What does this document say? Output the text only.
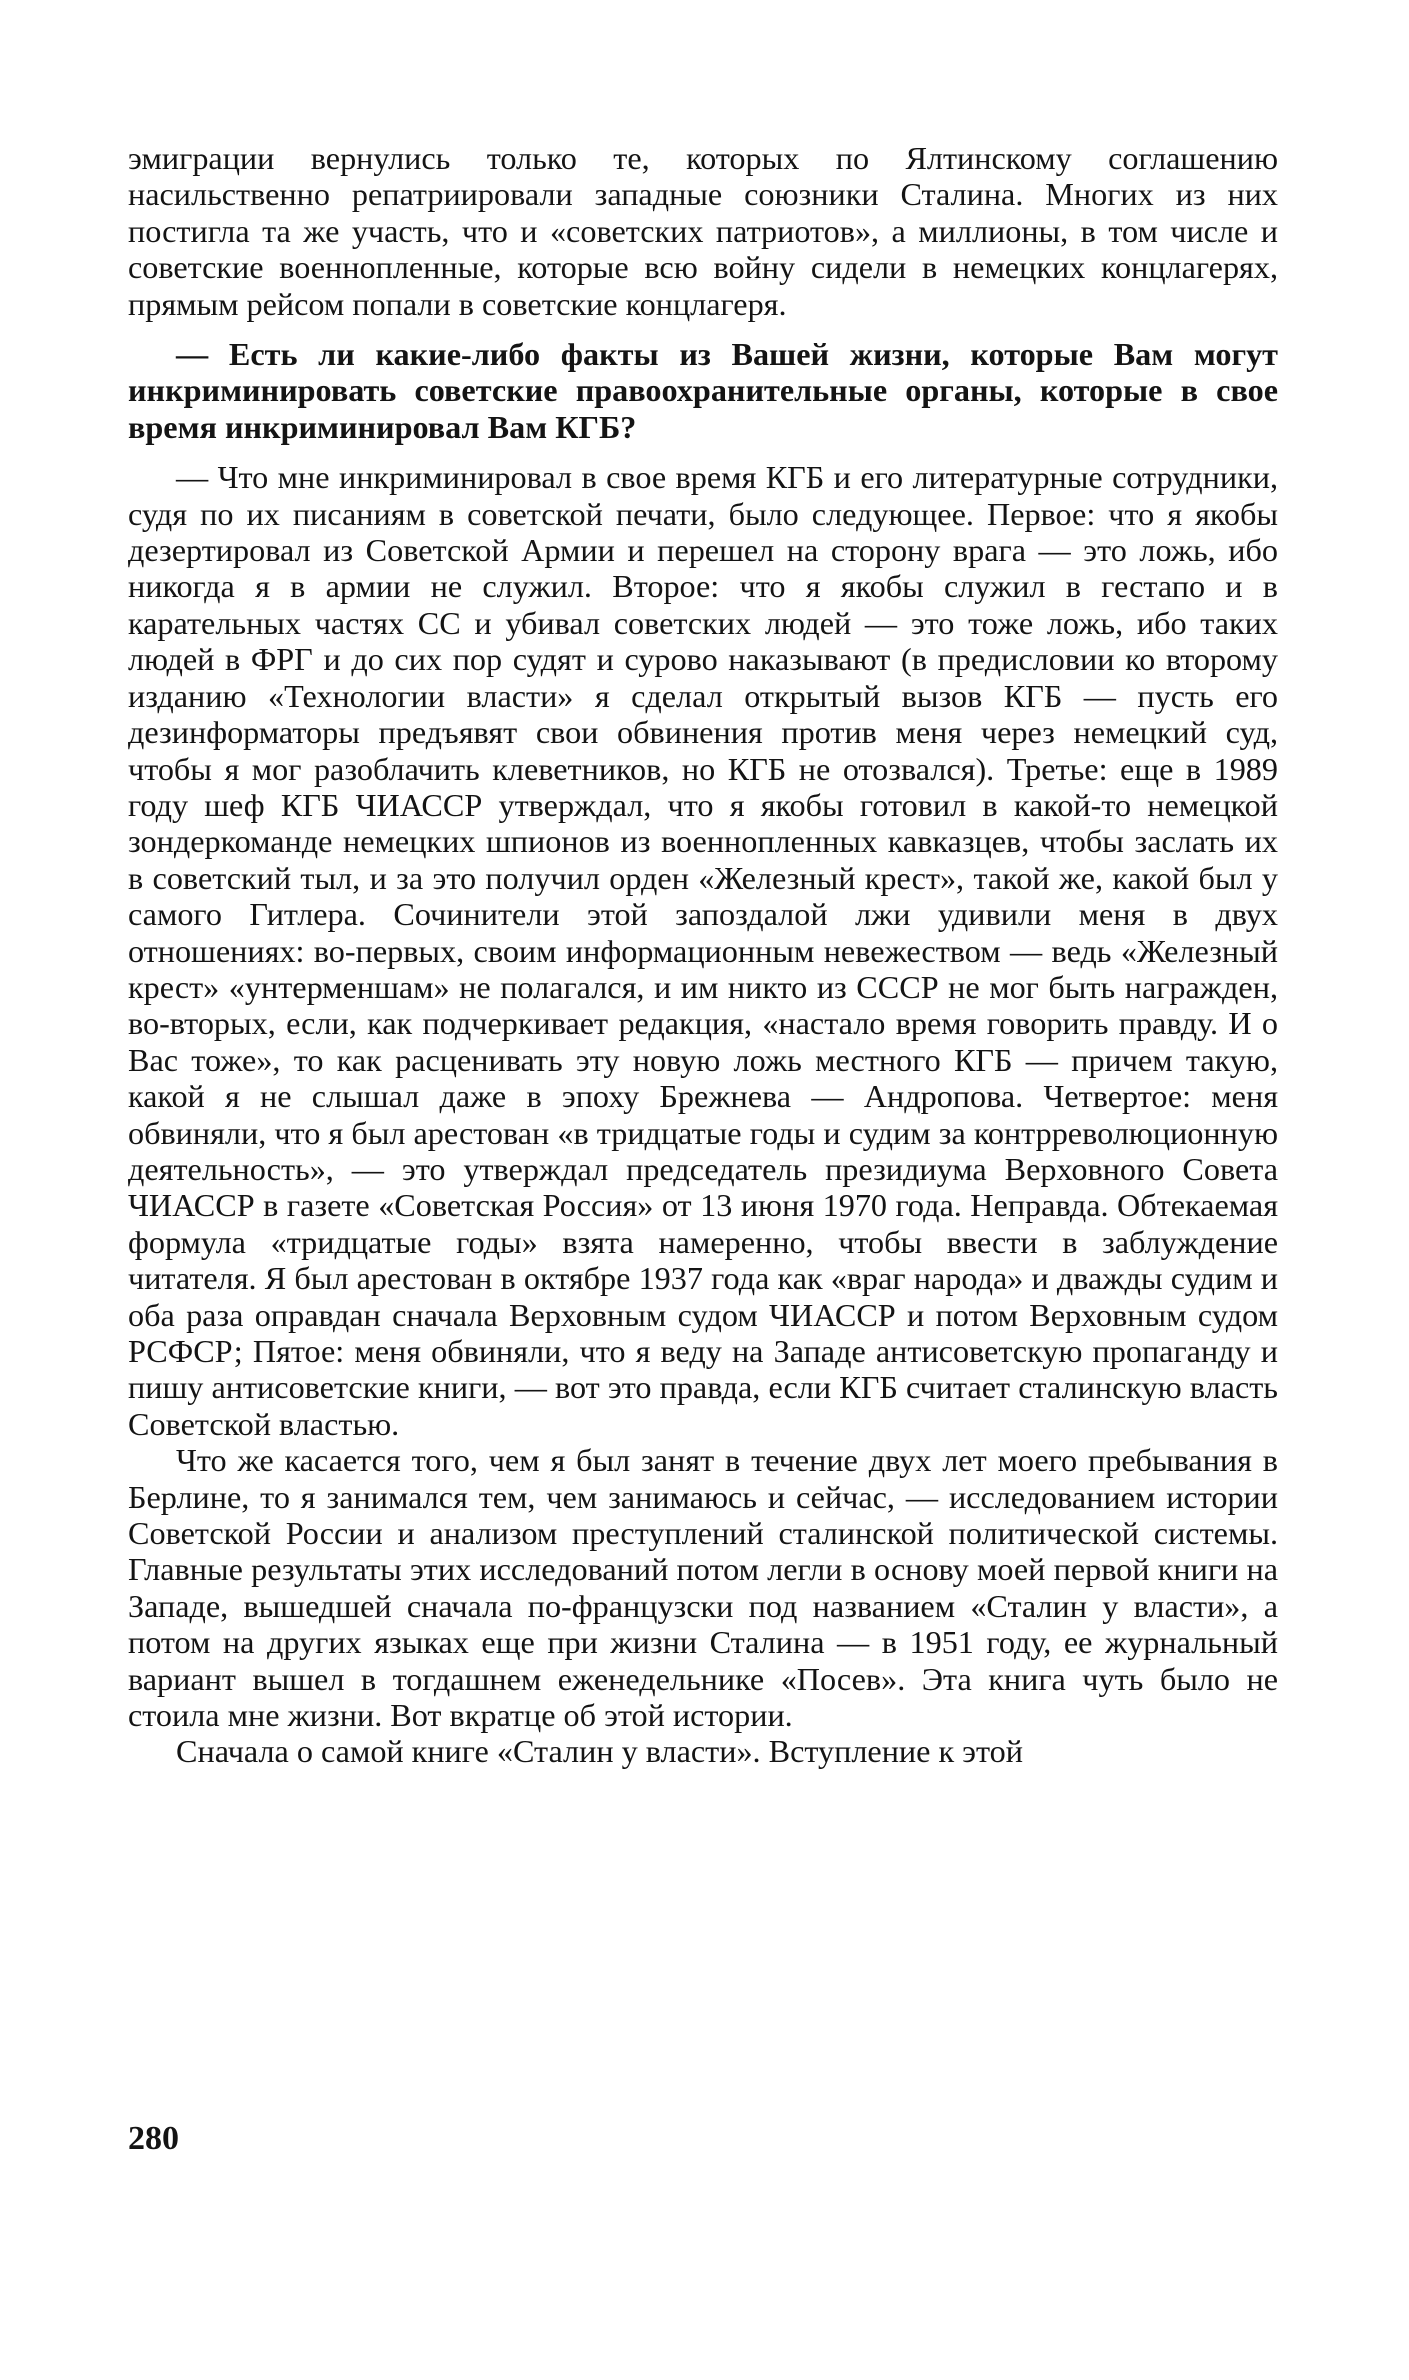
эмиграции вернулись только те, которых по Ялтинскому соглашению насильственно репатриировали западные союзники Сталина. Многих из них постигла та же участь, что и «советских патриотов», а миллионы, в том числе и советские военнопленные, которые всю войну сидели в немецких концлагерях, прямым рейсом попали в советские концлагеря.

— Есть ли какие-либо факты из Вашей жизни, которые Вам могут инкриминировать советские правоохранительные органы, которые в свое время инкриминировал Вам КГБ?

— Что мне инкриминировал в свое время КГБ и его литературные сотрудники, судя по их писаниям в советской печати, было следующее. Первое: что я якобы дезертировал из Советской Армии и перешел на сторону врага — это ложь, ибо никогда я в армии не служил. Второе: что я якобы служил в гестапо и в карательных частях СС и убивал советских людей — это тоже ложь, ибо таких людей в ФРГ и до сих пор судят и сурово наказывают (в предисловии ко второму изданию «Технологии власти» я сделал открытый вызов КГБ — пусть его дезинформаторы предъявят свои обвинения против меня через немецкий суд, чтобы я мог разоблачить клеветников, но КГБ не отозвался). Третье: еще в 1989 году шеф КГБ ЧИАССР утверждал, что я якобы готовил в какой-то немецкой зондеркоманде немецких шпионов из военнопленных кавказцев, чтобы заслать их в советский тыл, и за это получил орден «Железный крест», такой же, какой был у самого Гитлера. Сочинители этой запоздалой лжи удивили меня в двух отношениях: во-первых, своим информационным невежеством — ведь «Железный крест» «унтерменшам» не полагался, и им никто из СССР не мог быть награжден, во-вторых, если, как подчеркивает редакция, «настало время говорить правду. И о Вас тоже», то как расценивать эту новую ложь местного КГБ — причем такую, какой я не слышал даже в эпоху Брежнева — Андропова. Четвертое: меня обвиняли, что я был арестован «в тридцатые годы и судим за контрреволюционную деятельность», — это утверждал председатель президиума Верховного Совета ЧИАССР в газете «Советская Россия» от 13 июня 1970 года. Неправда. Обтекаемая формула «тридцатые годы» взята намеренно, чтобы ввести в заблуждение читателя. Я был арестован в октябре 1937 года как «враг народа» и дважды судим и оба раза оправдан сначала Верховным судом ЧИАССР и потом Верховным судом РСФСР; Пятое: меня обвиняли, что я веду на Западе антисоветскую пропаганду и пишу антисоветские книги, — вот это правда, если КГБ считает сталинскую власть Советской властью.

Что же касается того, чем я был занят в течение двух лет моего пребывания в Берлине, то я занимался тем, чем занимаюсь и сейчас, — исследованием истории Советской России и анализом преступлений сталинской политической системы. Главные результаты этих исследований потом легли в основу моей первой книги на Западе, вышедшей сначала по-французски под названием «Сталин у власти», а потом на других языках еще при жизни Сталина — в 1951 году, ее журнальный вариант вышел в тогдашнем еженедельнике «Посев». Эта книга чуть было не стоила мне жизни. Вот вкратце об этой истории.

Сначала о самой книге «Сталин у власти». Вступление к этой

280
